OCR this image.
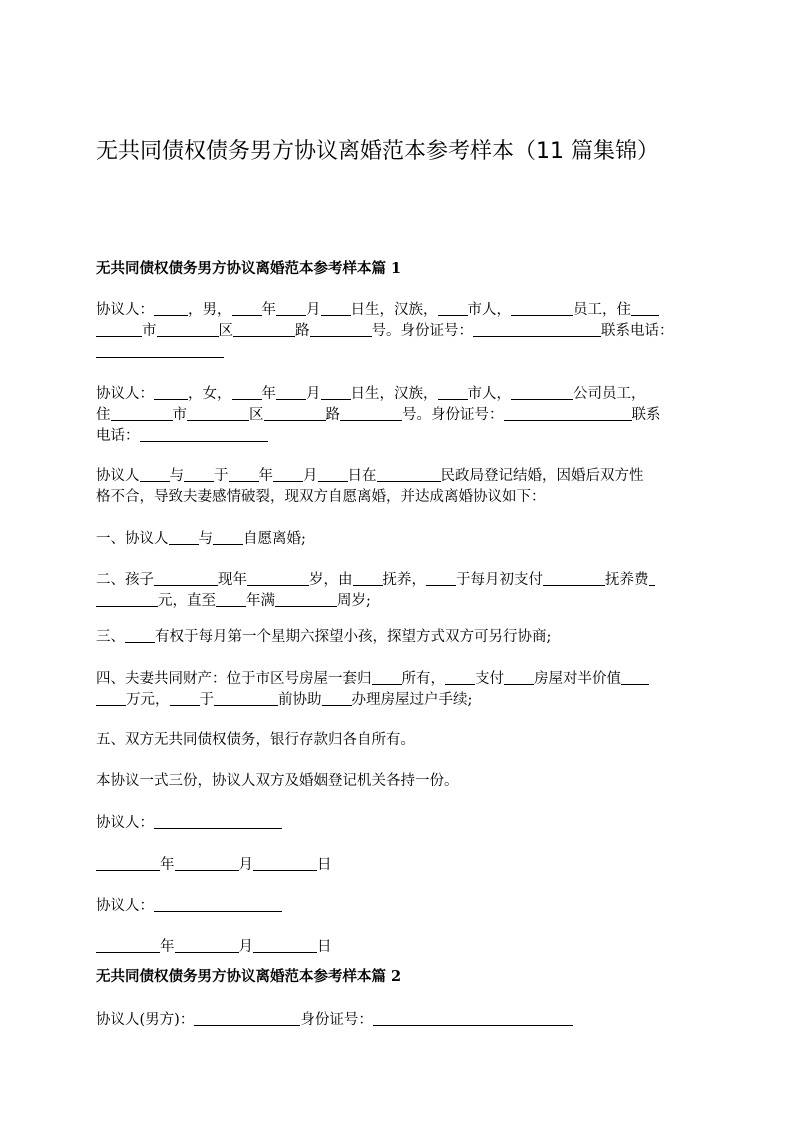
无共同债权债务男方协议离婚范本参考样本（11 篇集锦）
无共同债权债务男方协议离婚范本参考样本篇 1
协议人： ，男， 年 月 日生，汉族， 市人，	员工，住
市	区	路	号。身份证号：	联系电话：
协议人： ，女， 年 月 日生，汉族， 市人，	公司员工，
住	市	区	路	号。身份证号：	联系
电话：
协议人 与 于 年 月 日在	民政局登记结婚，因婚后双方性
格不合，导致夫妻感情破裂，现双方自愿离婚，并达成离婚协议如下：
一、协议人 与 自愿离婚;
二、孩子	现年	岁，由 抚养， 于每月初支付	抚养费
元，直至 年满	周岁;
三、 有权于每月第一个星期六探望小孩，探望方式双方可另行协商;
四、夫妻共同财产：位于市区号房屋一套归 所有， 支付 房屋对半价值
万元， 于	前协助 办理房屋过户手续;
五、双方无共同债权债务，银行存款归各自所有。
本协议一式三份，协议人双方及婚姻登记机关各持一份。
协议人：
年	月	日
协议人：
年	月	日
无共同债权债务男方协议离婚范本参考样本篇 2
协议人(男方)：	身份证号：
